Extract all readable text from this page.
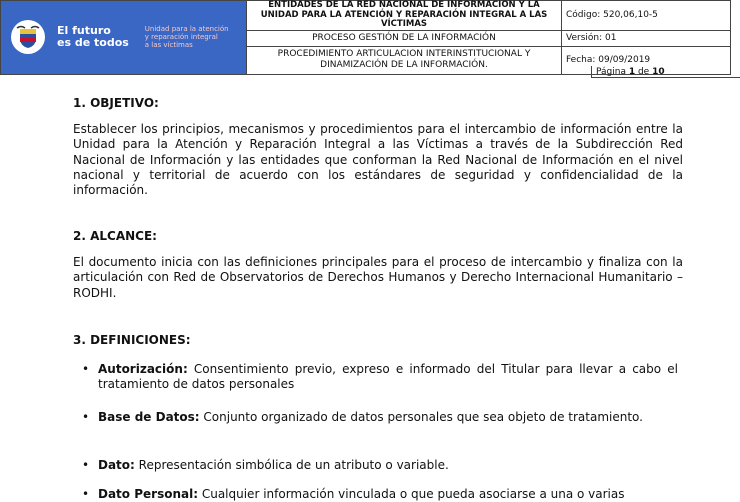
El futuro
es de todos
Unidad para la atención
y reparación integral
a las víctimas	ENTIDADES DE LA RED NACIONAL DE INFORMACIÓN Y LA UNIDAD PARA LA ATENCIÓN Y REPARACIÓN INTEGRAL A LAS VÍCTIMAS	Código: 520,06,10-5
	PROCESO GESTIÓN DE LA INFORMACIÓN	Versión: 01
	PROCEDIMIENTO ARTICULACION INTERINSTITUCIONAL Y DINAMIZACIÓN DE LA INFORMACIÓN.	Fecha: 09/09/2019

Página 1 de 10
1. OBJETIVO:

Establecer los principios, mecanismos y procedimientos para el intercambio de información entre la Unidad para la Atención y Reparación Integral a las Víctimas a través de la Subdirección Red Nacional de Información y las entidades que conforman la Red Nacional de Información en el nivel nacional y territorial de acuerdo con los estándares de seguridad y confidencialidad de la información.

2. ALCANCE:

El documento inicia con las definiciones principales para el proceso de intercambio y finaliza con la articulación con Red de Observatorios de Derechos Humanos y Derecho Internacional Humanitario – RODHI.

3. DEFINICIONES:
• Autorización: Consentimiento previo, expreso e informado del Titular para llevar a cabo el tratamiento de datos personales
• Base de Datos: Conjunto organizado de datos personales que sea objeto de tratamiento.
• Dato: Representación simbólica de un atributo o variable.
• Dato Personal: Cualquier información vinculada o que pueda asociarse a una o varias
